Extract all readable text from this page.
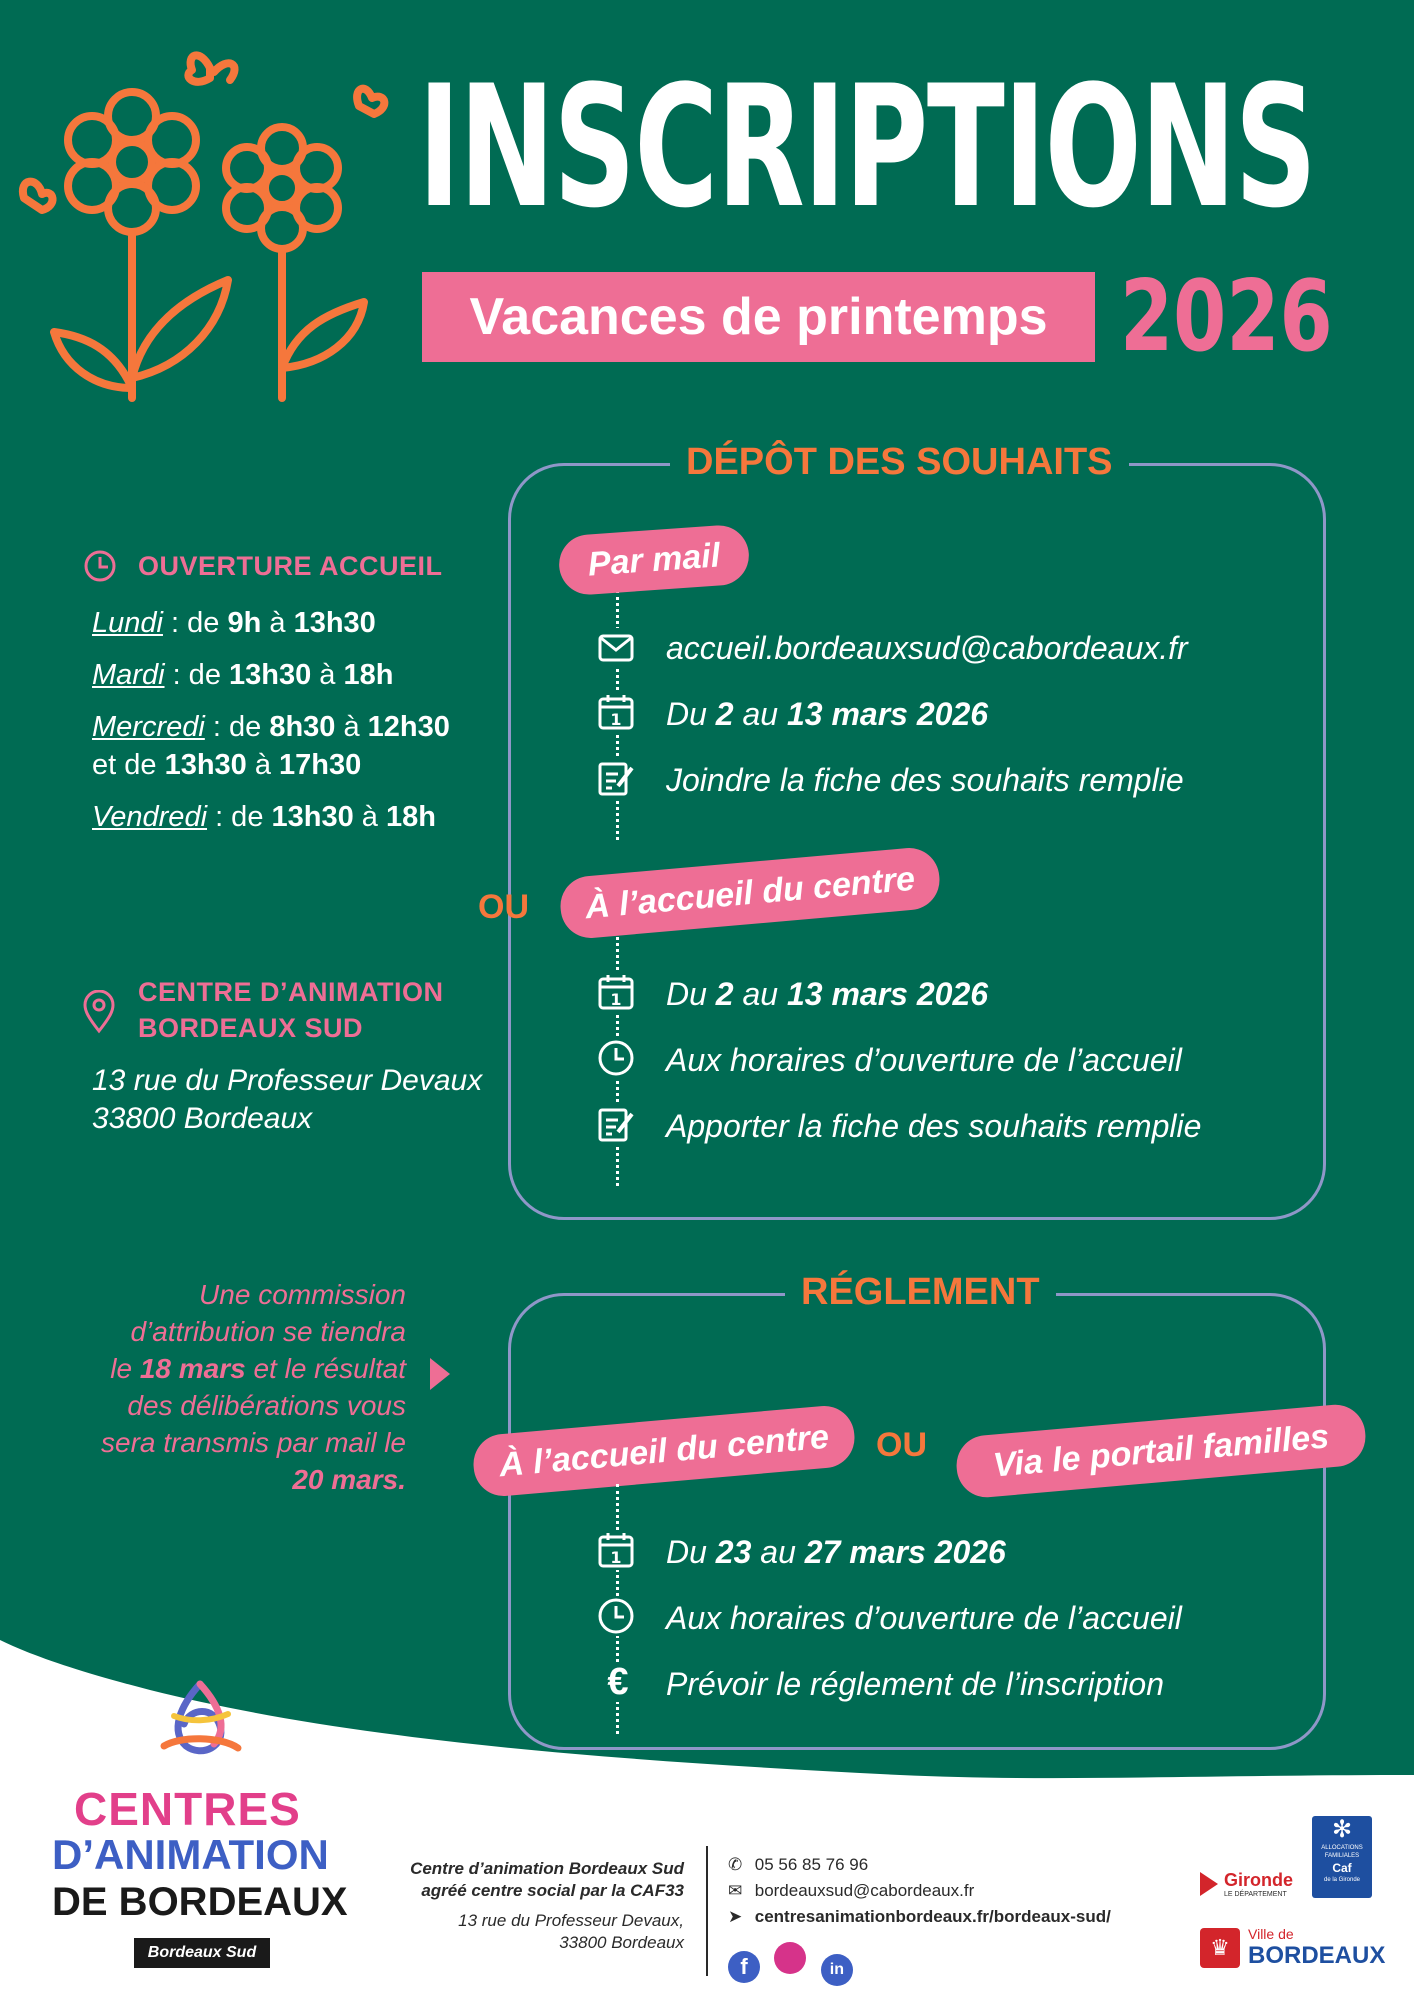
INSCRIPTIONS
Vacances de printemps 2026
DÉPÔT DES SOUHAITS
Par mail
accueil.bordeauxsud@cabordeaux.fr
1 Du 2 au 13 mars 2026
Joindre la fiche des souhaits remplie
OU	À l’accueil du centre
1 Du 2 au 13 mars 2026
Aux horaires d’ouverture de l’accueil
Apporter la fiche des souhaits remplie
OUVERTURE ACCUEIL

Lundi : de 9h à 13h30

Mardi : de 13h30 à 18h

Mercredi : de 8h30 à 12h30

et de 13h30 à 17h30

Vendredi : de 13h30 à 18h

CENTRE D’ANIMATION
BORDEAUX SUD

13 rue du Professeur Devaux

33800 Bordeaux

Une commission

d’attribution se tiendra

le 18 mars et le résultat

des délibérations vous

sera transmis par mail le

20 mars.

RÉGLEMENT
À l’accueil du centre	OU	Via le portail familles
1 Du 23 au 27 mars 2026
Aux horaires d’ouverture de l’accueil
€ Prévoir le réglement de l’inscription
CENTRES
D’ANIMATION
DE BORDEAUX
Bordeaux Sud

Centre d’animation Bordeaux Sud

agréé centre social par la CAF33

13 rue du Professeur Devaux,

33800 Bordeaux

✆ 05 56 85 76 96

✉ bordeauxsud@cabordeaux.fr

➤ centresanimationbordeaux.fr/bordeaux-sud/

f	in
Gironde
LE DÉPARTEMENT
✻
ALLOCATIONS
FAMILIALES
Caf
de la Gironde
♛
Ville de
BORDEAUX
